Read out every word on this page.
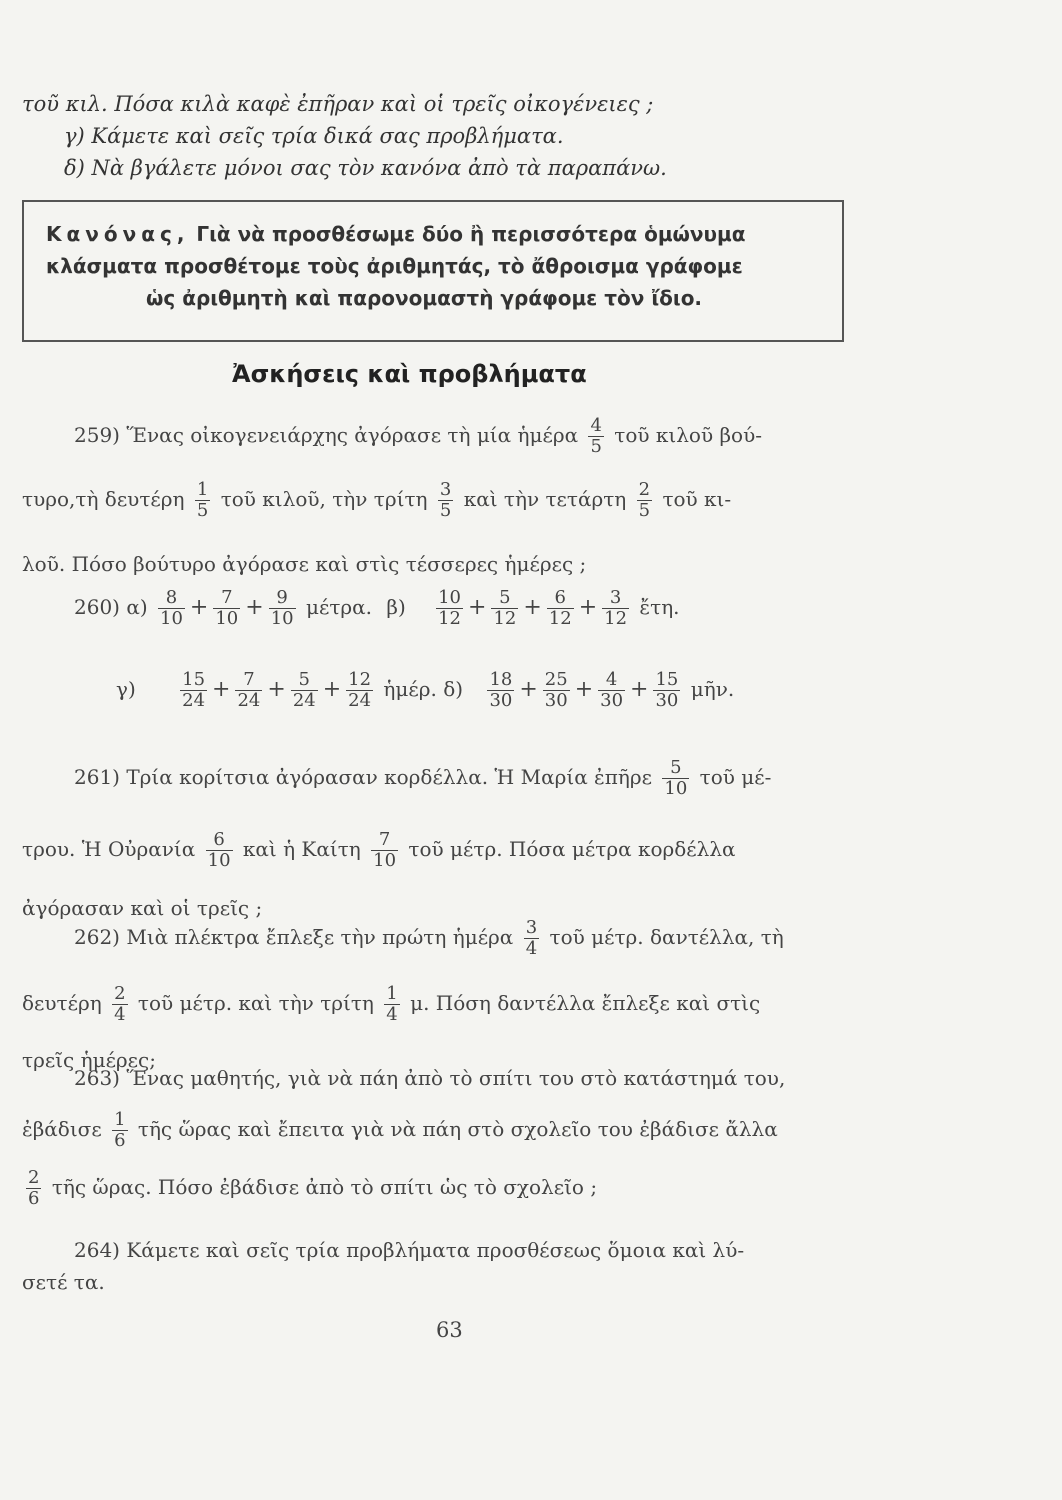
τοῦ κιλ. Πόσα κιλὰ καφὲ ἐπῆραν καὶ οἱ τρεῖς οἰκογένειες ;
γ) Κάμετε καὶ σεῖς τρία δικά σας προβλήματα.
δ) Νὰ βγάλετε μόνοι σας τὸν κανόνα ἀπὸ τὰ παραπάνω.
Κανόνας, Γιὰ νὰ προσθέσωμε δύο ἢ περισσότερα ὁμώνυμα
κλάσματα προσθέτομε τοὺς ἀριθμητάς, τὸ ἄθροισμα γράφομε
ὡς ἀριθμητὴ καὶ παρονομαστὴ γράφομε τὸν ἴδιο.
Ἀσκήσεις καὶ προβλήματα
259) Ἕνας οἰκογενειάρχης ἀγόρασε τὴ μία ἡμέρα $\frac{4}{5}$ τοῦ κιλοῦ βού-
τυρο,τὴ δευτέρη $\frac{1}{5}$ τοῦ κιλοῦ, τὴν τρίτη $\frac{3}{5}$ καὶ τὴν τετάρτη $\frac{2}{5}$ τοῦ κι-
λοῦ. Πόσο βούτυρο ἀγόρασε καὶ στὶς τέσσερες ἡμέρες ;
260) $\alpha) \frac{8}{10} + \frac{7}{10} + \frac{9}{10} \mu έ\tau\rho\alpha$. $\beta) \frac{10}{12} + \frac{5}{12} + \frac{6}{12} + \frac{3}{12}$ ἔτη.
$\gamma) \frac{15}{24} + \frac{7}{24} + \frac{5}{24} + \frac{12}{24}$ ἡμέρ. $\delta) \frac{18}{30} + \frac{25}{30} + \frac{4}{30} + \frac{15}{30}$ μῆν.
261) Τρία κορίτσια ἀγόρασαν κορδέλλα. Ἡ Μαρία ἐπῆρε $\frac{5}{10}$ τοῦ μέ-
τρου. Ἡ Οὐρανία $\frac{6}{10}$ καὶ ἡ Καίτη $\frac{7}{10}$ τοῦ μέτρ. Πόσα μέτρα κορδέλλα
ἀγόρασαν καὶ οἱ τρεῖς ;
262) Μιὰ πλέκτρα ἔπλεξε τὴν πρώτη ἡμέρα $\frac{3}{4}$ τοῦ μέτρ. δαντέλλα, τὴ
δευτέρη $\frac{2}{4}$ τοῦ μέτρ. καὶ τὴν τρίτη $\frac{1}{4} \mu$. Πόση δαντέλλα ἔπλεξε καὶ στὶς
τρεῖς ἡμέρες;
263) Ἕνας μαθητής, γιὰ νὰ πάη ἀπὸ τὸ σπίτι του στὸ κατάστημά του,
ἐβάδισε $\frac{1}{6}$ τῆς ὥρας καὶ ἔπειτα γιὰ νὰ πάη στὸ σχολεῖο του ἐβάδισε ἄλλα
$\frac{2}{6}$ τῆς ὥρας. Πόσο ἐβάδισε ἀπὸ τὸ σπίτι ὡς τὸ σχολεῖο ;
264) Κάμετε καὶ σεῖς τρία προβλήματα προσθέσεως ὅμοια καὶ λύ-
σετέ τα.
63
